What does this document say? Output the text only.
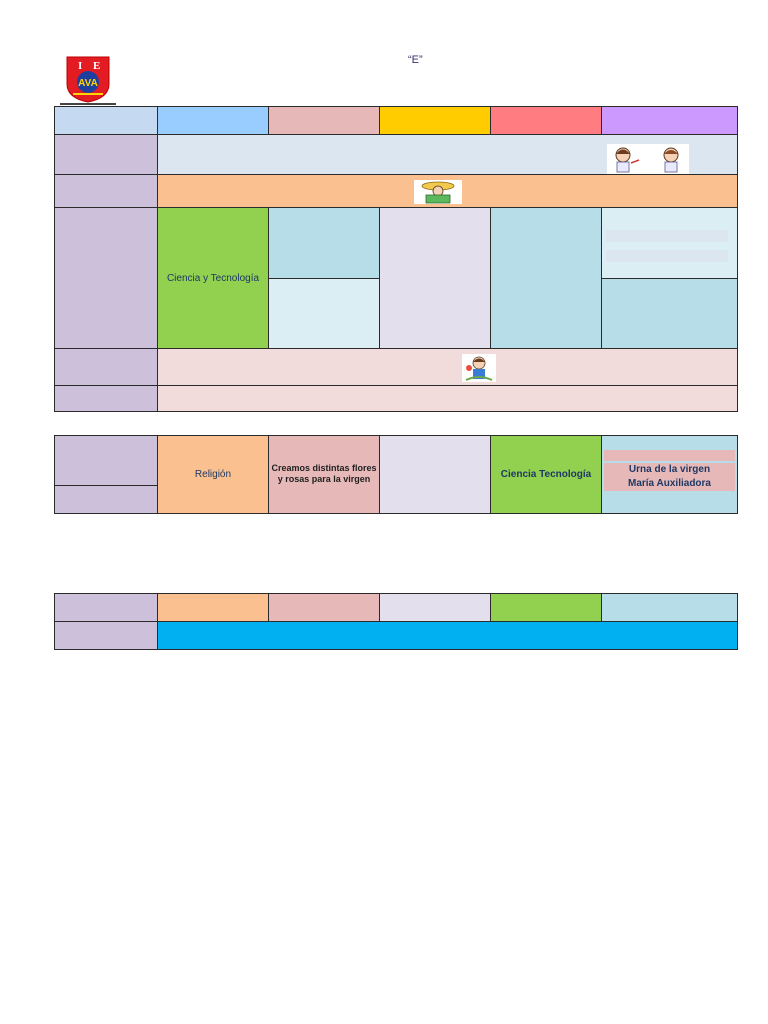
I E
AVA
“E”
Ciencia y Tecnología
Religión
Creamos distintas flores y rosas para la virgen	Ciencia Tecnología	Urna de la virgen
María Auxiliadora
